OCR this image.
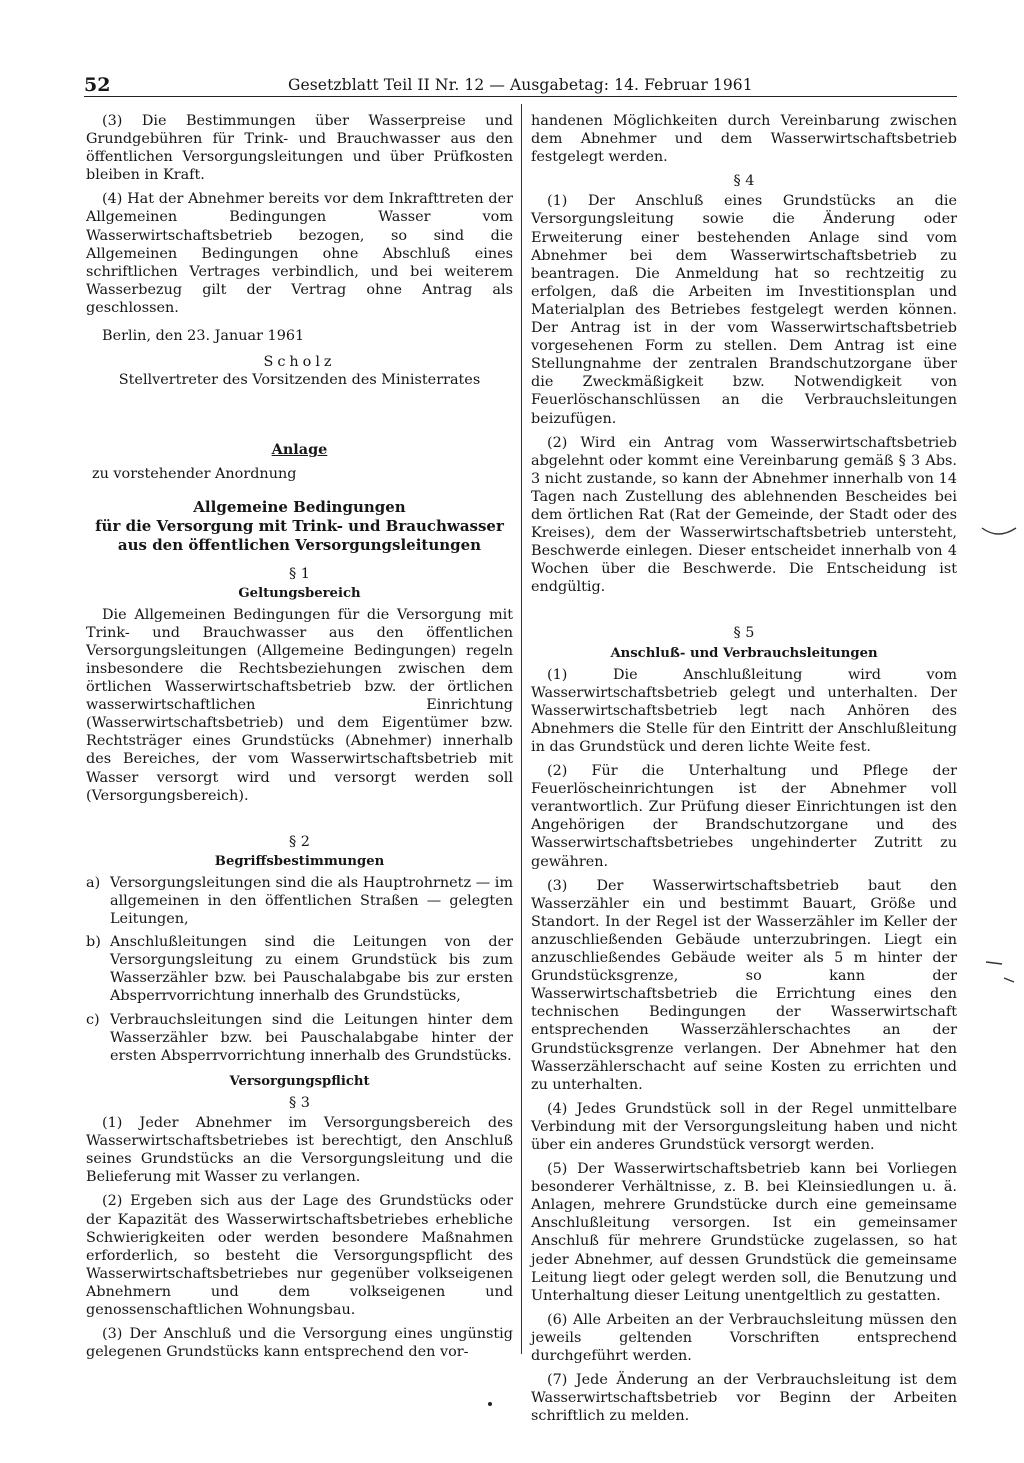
52	Gesetzblatt Teil II Nr. 12 — Ausgabetag: 14. Februar 1961

(3) Die Bestimmungen über Wasserpreise und Grundgebühren für Trink- und Brauchwasser aus den öffentlichen Versorgungsleitungen und über Prüfkosten bleiben in Kraft.

(4) Hat der Abnehmer bereits vor dem Inkrafttreten der Allgemeinen Bedingungen Wasser vom Wasserwirtschaftsbetrieb bezogen, so sind die Allgemeinen Bedingungen ohne Abschluß eines schriftlichen Vertrages verbindlich, und bei weiterem Wasserbezug gilt der Vertrag ohne Antrag als geschlossen.

Berlin, den 23. Januar 1961

Scholz

Stellvertreter des Vorsitzenden des Ministerrates

Anlage

zu vorstehender Anordnung

Allgemeine Bedingungen
für die Versorgung mit Trink- und Brauchwasser
aus den öffentlichen Versorgungsleitungen

§ 1

Geltungsbereich

Die Allgemeinen Bedingungen für die Versorgung mit Trink- und Brauchwasser aus den öffentlichen Versorgungsleitungen (Allgemeine Bedingungen) regeln insbesondere die Rechtsbeziehungen zwischen dem örtlichen Wasserwirtschaftsbetrieb bzw. der örtlichen wasserwirtschaftlichen Einrichtung (Wasserwirtschaftsbetrieb) und dem Eigentümer bzw. Rechtsträger eines Grundstücks (Abnehmer) innerhalb des Bereiches, der vom Wasserwirtschaftsbetrieb mit Wasser versorgt wird und versorgt werden soll (Versorgungsbereich).

§ 2

Begriffsbestimmungen

a) Versorgungsleitungen sind die als Hauptrohrnetz — im allgemeinen in den öffentlichen Straßen — gelegten Leitungen,
b) Anschlußleitungen sind die Leitungen von der Versorgungsleitung zu einem Grundstück bis zum Wasserzähler bzw. bei Pauschalabgabe bis zur ersten Absperrvorrichtung innerhalb des Grundstücks,
c) Verbrauchsleitungen sind die Leitungen hinter dem Wasserzähler bzw. bei Pauschalabgabe hinter der ersten Absperrvorrichtung innerhalb des Grundstücks.

Versorgungspflicht

§ 3

(1) Jeder Abnehmer im Versorgungsbereich des Wasserwirtschaftsbetriebes ist berechtigt, den Anschluß seines Grundstücks an die Versorgungsleitung und die Belieferung mit Wasser zu verlangen.

(2) Ergeben sich aus der Lage des Grundstücks oder der Kapazität des Wasserwirtschaftsbetriebes erhebliche Schwierigkeiten oder werden besondere Maßnahmen erforderlich, so besteht die Versorgungspflicht des Wasserwirtschaftsbetriebes nur gegenüber volkseigenen Abnehmern und dem volkseigenen und genossenschaftlichen Wohnungsbau.

(3) Der Anschluß und die Versorgung eines ungünstig gelegenen Grundstücks kann entsprechend den vor-

handenen Möglichkeiten durch Vereinbarung zwischen dem Abnehmer und dem Wasserwirtschaftsbetrieb festgelegt werden.

§ 4

(1) Der Anschluß eines Grundstücks an die Versorgungsleitung sowie die Änderung oder Erweiterung einer bestehenden Anlage sind vom Abnehmer bei dem Wasserwirtschaftsbetrieb zu beantragen. Die Anmeldung hat so rechtzeitig zu erfolgen, daß die Arbeiten im Investitionsplan und Materialplan des Betriebes festgelegt werden können. Der Antrag ist in der vom Wasserwirtschaftsbetrieb vorgesehenen Form zu stellen. Dem Antrag ist eine Stellungnahme der zentralen Brandschutzorgane über die Zweckmäßigkeit bzw. Notwendigkeit von Feuerlöschanschlüssen an die Verbrauchsleitungen beizufügen.

(2) Wird ein Antrag vom Wasserwirtschaftsbetrieb abgelehnt oder kommt eine Vereinbarung gemäß § 3 Abs. 3 nicht zustande, so kann der Abnehmer innerhalb von 14 Tagen nach Zustellung des ablehnenden Bescheides bei dem örtlichen Rat (Rat der Gemeinde, der Stadt oder des Kreises), dem der Wasserwirtschaftsbetrieb untersteht, Beschwerde einlegen. Dieser entscheidet innerhalb von 4 Wochen über die Beschwerde. Die Entscheidung ist endgültig.

§ 5

Anschluß- und Verbrauchsleitungen

(1) Die Anschlußleitung wird vom Wasserwirtschaftsbetrieb gelegt und unterhalten. Der Wasserwirtschaftsbetrieb legt nach Anhören des Abnehmers die Stelle für den Eintritt der Anschlußleitung in das Grundstück und deren lichte Weite fest.

(2) Für die Unterhaltung und Pflege der Feuerlöscheinrichtungen ist der Abnehmer voll verantwortlich. Zur Prüfung dieser Einrichtungen ist den Angehörigen der Brandschutzorgane und des Wasserwirtschaftsbetriebes ungehinderter Zutritt zu gewähren.

(3) Der Wasserwirtschaftsbetrieb baut den Wasserzähler ein und bestimmt Bauart, Größe und Standort. In der Regel ist der Wasserzähler im Keller der anzuschließenden Gebäude unterzubringen. Liegt ein anzuschließendes Gebäude weiter als 5 m hinter der Grundstücksgrenze, so kann der Wasserwirtschaftsbetrieb die Errichtung eines den technischen Bedingungen der Wasserwirtschaft entsprechenden Wasserzählerschachtes an der Grundstücksgrenze verlangen. Der Abnehmer hat den Wasserzählerschacht auf seine Kosten zu errichten und zu unterhalten.

(4) Jedes Grundstück soll in der Regel unmittelbare Verbindung mit der Versorgungsleitung haben und nicht über ein anderes Grundstück versorgt werden.

(5) Der Wasserwirtschaftsbetrieb kann bei Vorliegen besonderer Verhältnisse, z. B. bei Kleinsiedlungen u. ä. Anlagen, mehrere Grundstücke durch eine gemeinsame Anschlußleitung versorgen. Ist ein gemeinsamer Anschluß für mehrere Grundstücke zugelassen, so hat jeder Abnehmer, auf dessen Grundstück die gemeinsame Leitung liegt oder gelegt werden soll, die Benutzung und Unterhaltung dieser Leitung unentgeltlich zu gestatten.

(6) Alle Arbeiten an der Verbrauchsleitung müssen den jeweils geltenden Vorschriften entsprechend durchgeführt werden.

(7) Jede Änderung an der Verbrauchsleitung ist dem Wasserwirtschaftsbetrieb vor Beginn der Arbeiten schriftlich zu melden.
